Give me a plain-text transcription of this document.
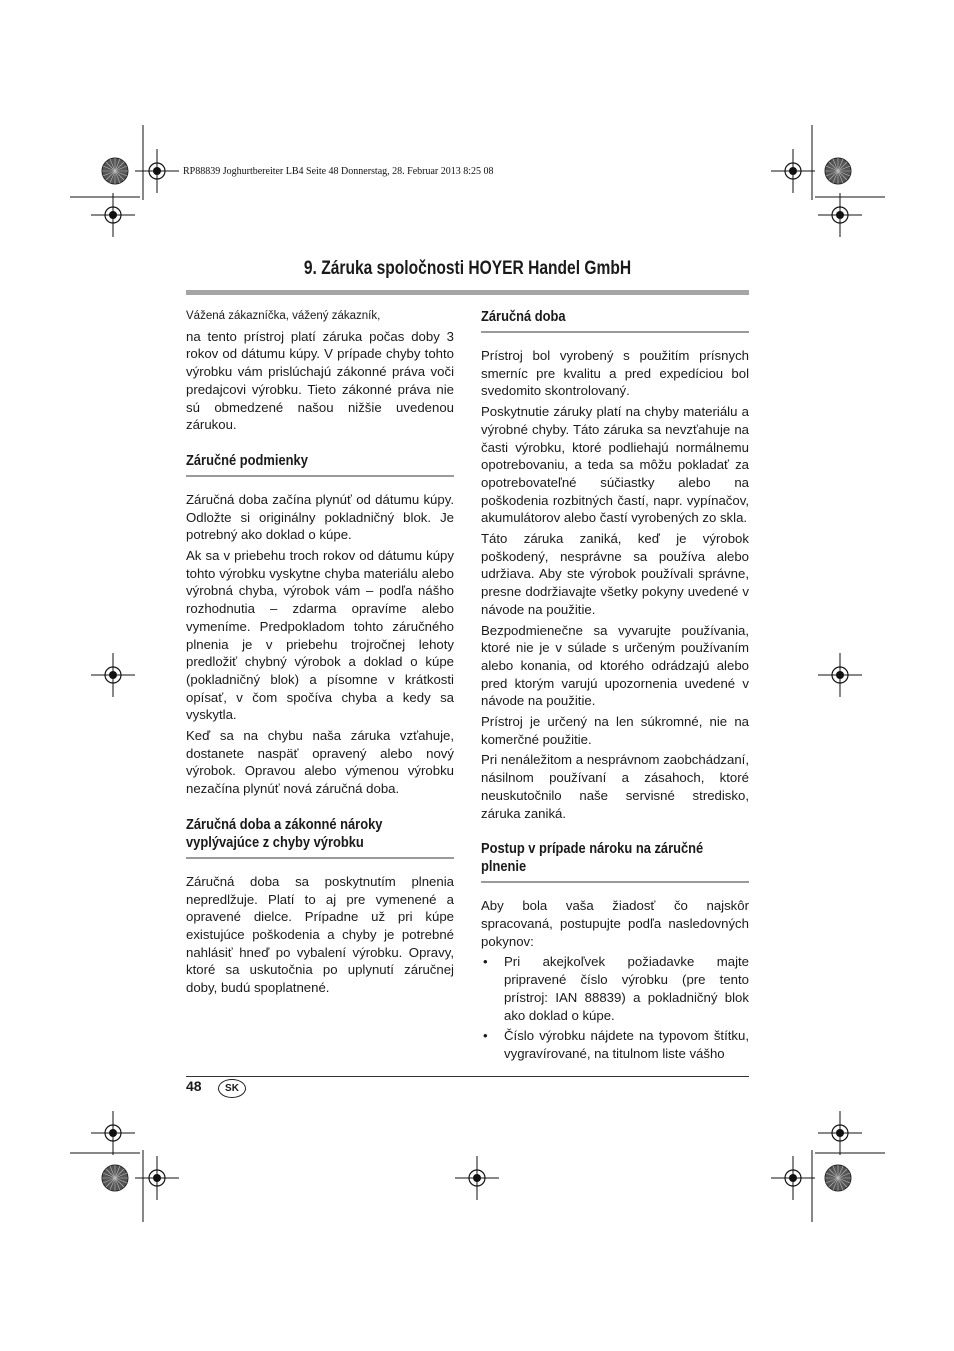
RP88839 Joghurtbereiter LB4 Seite 48 Donnerstag, 28. Februar 2013 8:25 08
9. Záruka spoločnosti HOYER Handel GmbH

Vážená zákazníčka, vážený zákazník,

na tento prístroj platí záruka počas doby 3 rokov od dátumu kúpy. V prípade chyby tohto výrobku vám prislúchajú zákonné práva voči predajcovi výrobku. Tieto zákonné práva nie sú obmedzené našou nižšie uvedenou zárukou.

Záručné podmienky

Záručná doba začína plynúť od dátumu kúpy. Odložte si originálny pokladničný blok. Je potrebný ako doklad o kúpe.

Ak sa v priebehu troch rokov od dátumu kúpy tohto výrobku vyskytne chyba materiálu alebo výrobná chyba, výrobok vám – podľa nášho rozhodnutia – zdarma opravíme alebo vymeníme. Predpokladom tohto záručného plnenia je v priebehu trojročnej lehoty predložiť chybný výrobok a doklad o kúpe (pokladničný blok) a písomne v krátkosti opísať, v čom spočíva chyba a kedy sa vyskytla.

Keď sa na chybu naša záruka vzťahuje, dostanete naspäť opravený alebo nový výrobok. Opravou alebo výmenou výrobku nezačína plynúť nová záručná doba.

Záručná doba a zákonné nároky
vyplývajúce z chyby výrobku

Záručná doba sa poskytnutím plnenia nepredlžuje. Platí to aj pre vymenené a opravené dielce. Prípadne už pri kúpe existujúce poškodenia a chyby je potrebné nahlásiť hneď po vybalení výrobku. Opravy, ktoré sa uskutočnia po uplynutí záručnej doby, budú spoplatnené.

Záručná doba

Prístroj bol vyrobený s použitím prísnych smerníc pre kvalitu a pred expedíciou bol svedomito skontrolovaný.

Poskytnutie záruky platí na chyby materiálu a výrobné chyby. Táto záruka sa nevzťahuje na časti výrobku, ktoré podliehajú normálnemu opotrebovaniu, a teda sa môžu pokladať za opotrebovateľné súčiastky alebo na poškodenia rozbitných častí, napr. vypínačov, akumulátorov alebo častí vyrobených zo skla.

Táto záruka zaniká, keď je výrobok poškodený, nesprávne sa používa alebo udržiava. Aby ste výrobok používali správne, presne dodržiavajte všetky pokyny uvedené v návode na použitie.

Bezpodmienečne sa vyvarujte používania, ktoré nie je v súlade s určeným používaním alebo konania, od ktorého odrádzajú alebo pred ktorým varujú upozornenia uvedené v návode na použitie.

Prístroj je určený na len súkromné, nie na komerčné použitie.

Pri nenáležitom a nesprávnom zaobchádzaní, násilnom používaní a zásahoch, ktoré neuskutočnilo naše servisné stredisko, záruka zaniká.

Postup v prípade nároku na záručné plnenie

Aby bola vaša žiadosť čo najskôr spracovaná, postupujte podľa nasledovných pokynov:

• Pri akejkoľvek požiadavke majte pripravené číslo výrobku (pre tento prístroj: IAN 88839) a pokladničný blok ako doklad o kúpe.
• Číslo výrobku nájdete na typovom štítku, vygravírované, na titulnom liste vášho
48	SK
